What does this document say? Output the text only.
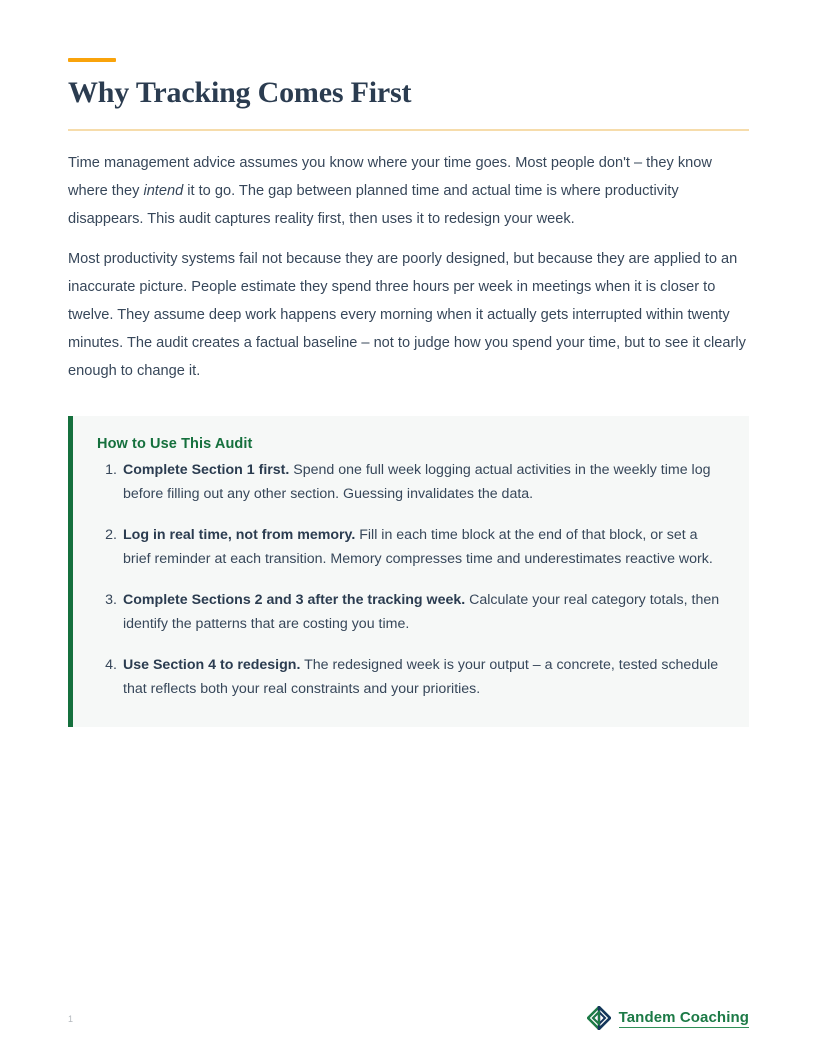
Why Tracking Comes First

Time management advice assumes you know where your time goes. Most people don't – they know where they intend it to go. The gap between planned time and actual time is where productivity disappears. This audit captures reality first, then uses it to redesign your week.

Most productivity systems fail not because they are poorly designed, but because they are applied to an inaccurate picture. People estimate they spend three hours per week in meetings when it is closer to twelve. They assume deep work happens every morning when it actually gets interrupted within twenty minutes. The audit creates a factual baseline – not to judge how you spend your time, but to see it clearly enough to change it.

How to Use This Audit
Complete Section 1 first. Spend one full week logging actual activities in the weekly time log before filling out any other section. Guessing invalidates the data.
Log in real time, not from memory. Fill in each time block at the end of that block, or set a brief reminder at each transition. Memory compresses time and underestimates reactive work.
Complete Sections 2 and 3 after the tracking week. Calculate your real category totals, then identify the patterns that are costing you time.
Use Section 4 to redesign. The redesigned week is your output – a concrete, tested schedule that reflects both your real constraints and your priorities.
1	Tandem Coaching
